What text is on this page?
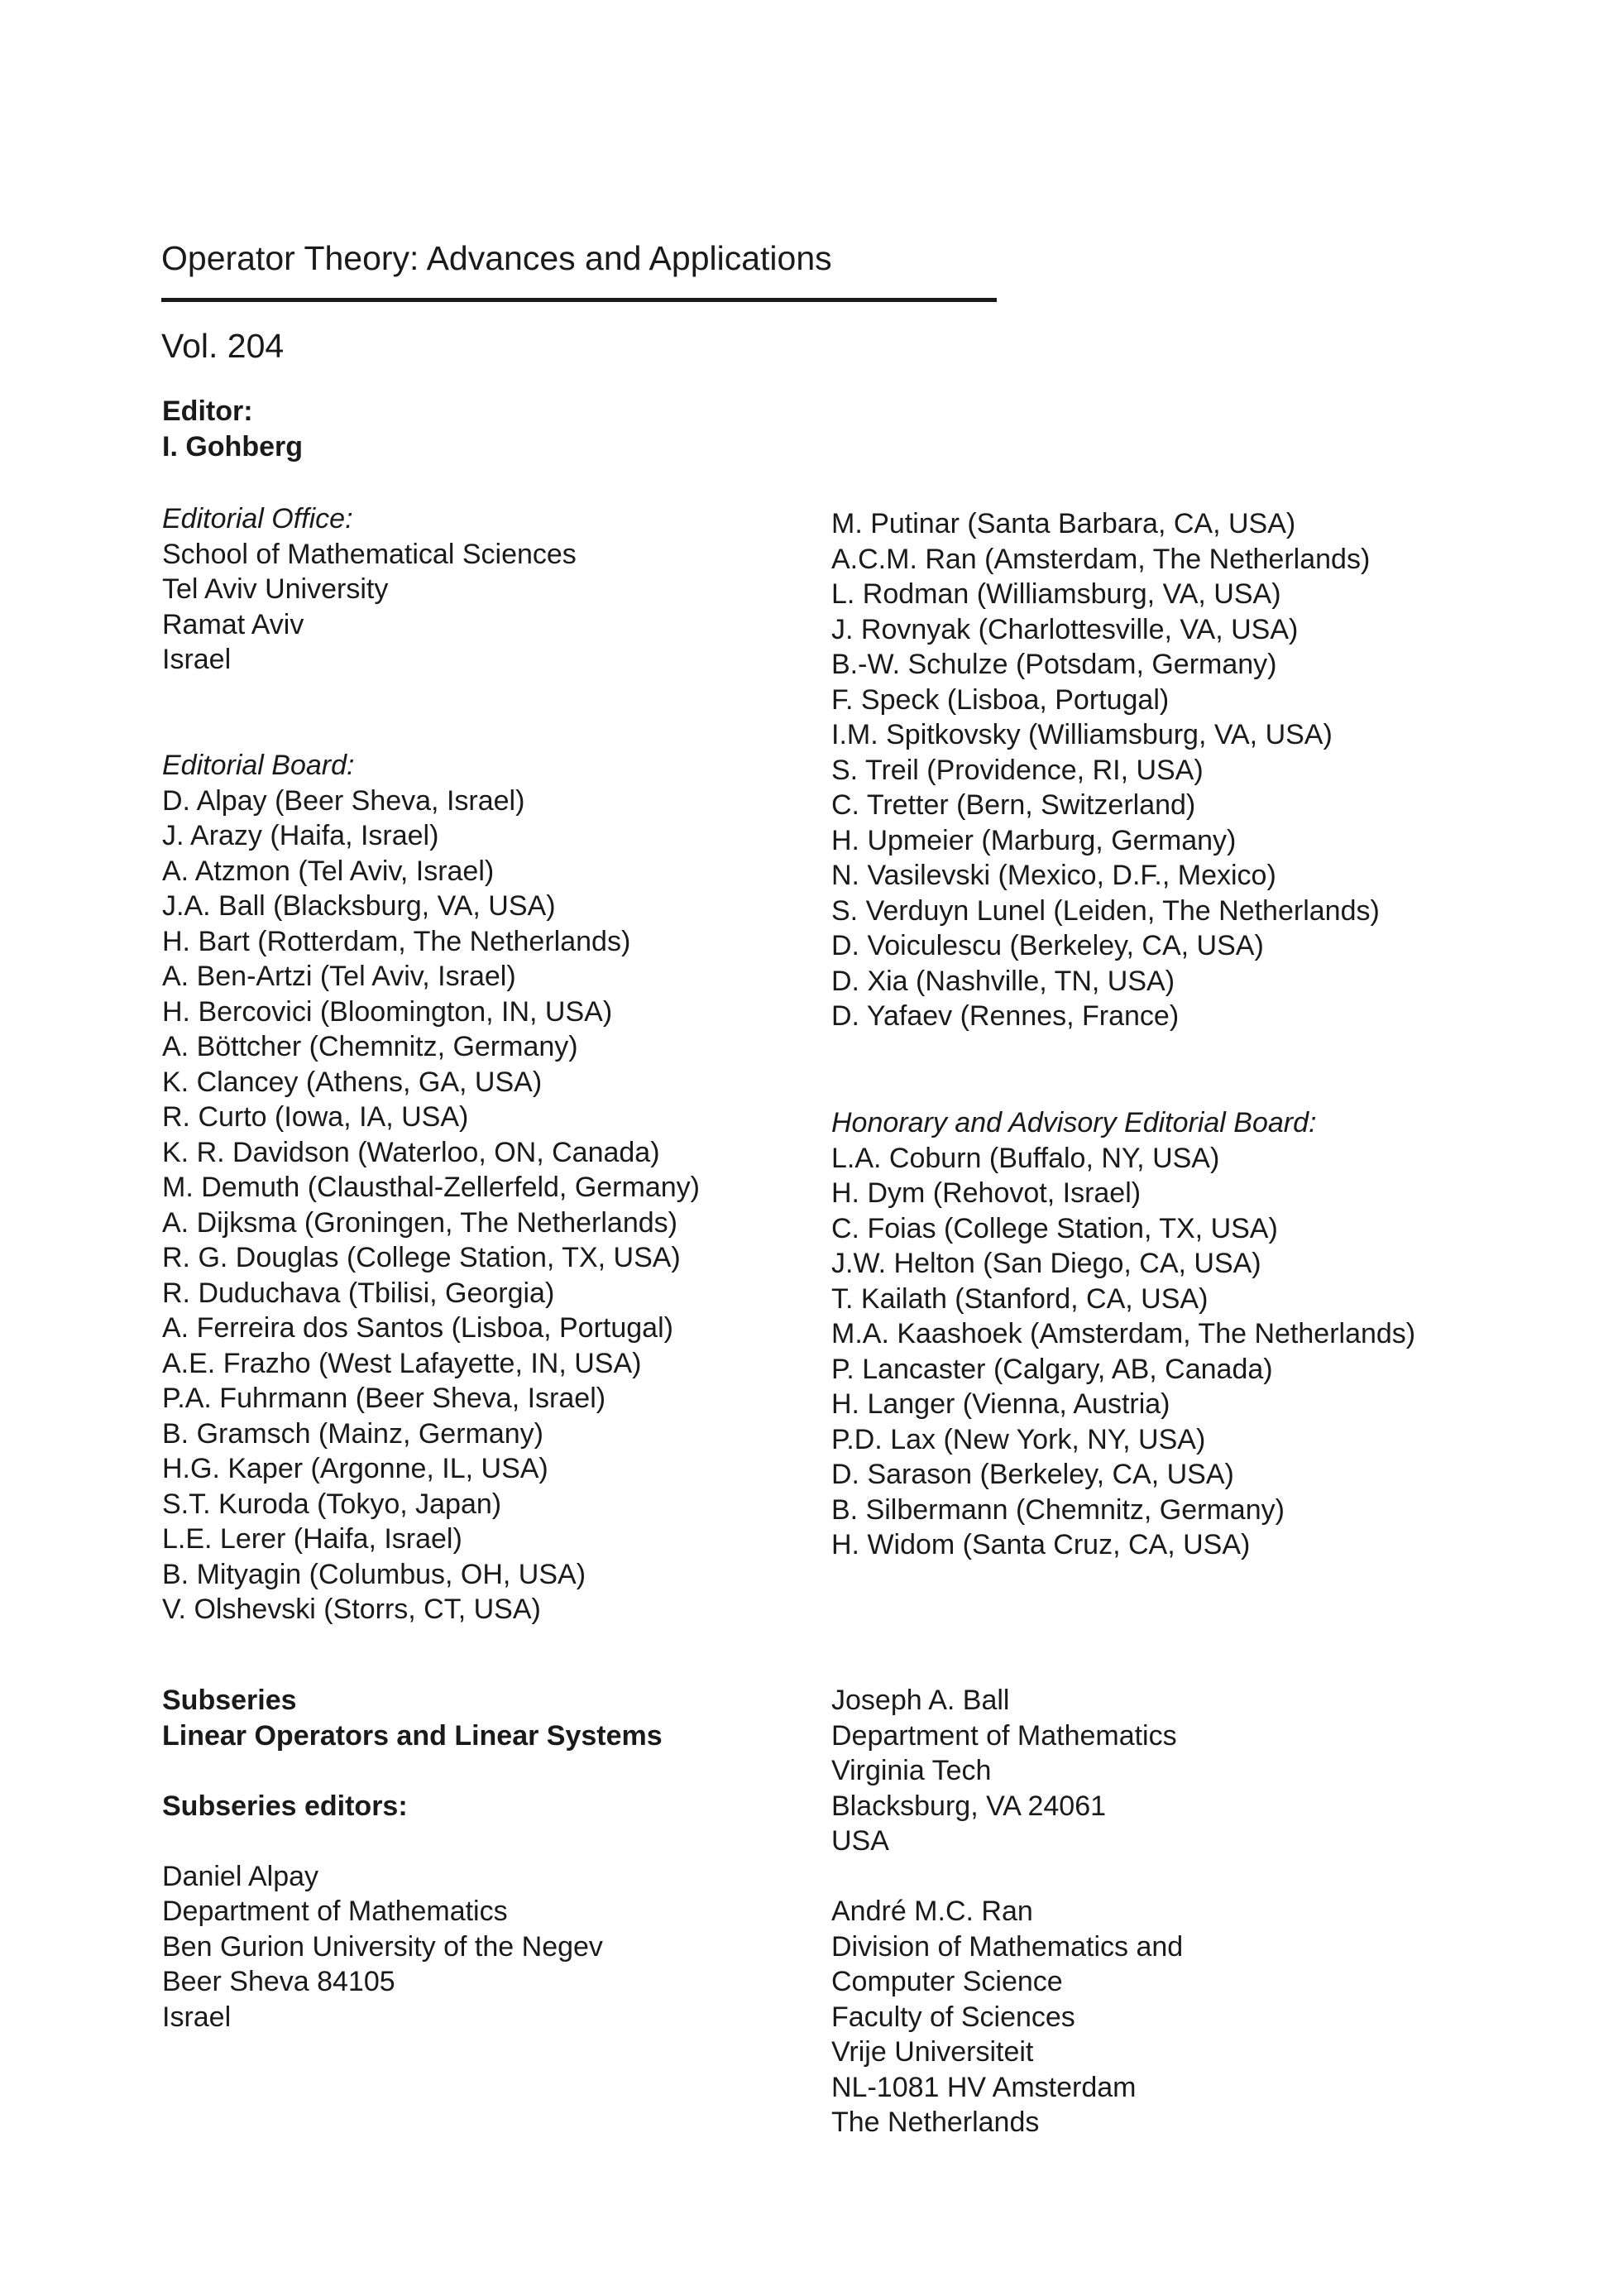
Operator Theory: Advances and Applications
Vol. 204
Editor:
I. Gohberg
Editorial Office:
School of Mathematical Sciences
Tel Aviv University
Ramat Aviv
Israel
Editorial Board:
D. Alpay (Beer Sheva, Israel)
J. Arazy (Haifa, Israel)
A. Atzmon (Tel Aviv, Israel)
J.A. Ball (Blacksburg, VA, USA)
H. Bart (Rotterdam, The Netherlands)
A. Ben-Artzi (Tel Aviv, Israel)
H. Bercovici (Bloomington, IN, USA)
A. Böttcher (Chemnitz, Germany)
K. Clancey (Athens, GA, USA)
R. Curto (Iowa, IA, USA)
K. R. Davidson (Waterloo, ON, Canada)
M. Demuth (Clausthal-Zellerfeld, Germany)
A. Dijksma (Groningen, The Netherlands)
R. G. Douglas (College Station, TX, USA)
R. Duduchava (Tbilisi, Georgia)
A. Ferreira dos Santos (Lisboa, Portugal)
A.E. Frazho (West Lafayette, IN, USA)
P.A. Fuhrmann (Beer Sheva, Israel)
B. Gramsch (Mainz, Germany)
H.G. Kaper (Argonne, IL, USA)
S.T. Kuroda (Tokyo, Japan)
L.E. Lerer (Haifa, Israel)
B. Mityagin (Columbus, OH, USA)
V. Olshevski (Storrs, CT, USA)
M. Putinar (Santa Barbara, CA, USA)
A.C.M. Ran (Amsterdam, The Netherlands)
L. Rodman (Williamsburg, VA, USA)
J. Rovnyak (Charlottesville, VA, USA)
B.-W. Schulze (Potsdam, Germany)
F. Speck (Lisboa, Portugal)
I.M. Spitkovsky (Williamsburg, VA, USA)
S. Treil (Providence, RI, USA)
C. Tretter (Bern, Switzerland)
H. Upmeier (Marburg, Germany)
N. Vasilevski (Mexico, D.F., Mexico)
S. Verduyn Lunel (Leiden, The Netherlands)
D. Voiculescu (Berkeley, CA, USA)
D. Xia (Nashville, TN, USA)
D. Yafaev (Rennes, France)
Honorary and Advisory Editorial Board:
L.A. Coburn (Buffalo, NY, USA)
H. Dym (Rehovot, Israel)
C. Foias (College Station, TX, USA)
J.W. Helton (San Diego, CA, USA)
T. Kailath (Stanford, CA, USA)
M.A. Kaashoek (Amsterdam, The Netherlands)
P. Lancaster (Calgary, AB, Canada)
H. Langer (Vienna, Austria)
P.D. Lax (New York, NY, USA)
D. Sarason (Berkeley, CA, USA)
B. Silbermann (Chemnitz, Germany)
H. Widom (Santa Cruz, CA, USA)
Subseries
Linear Operators and Linear Systems
Subseries editors:
Daniel Alpay
Department of Mathematics
Ben Gurion University of the Negev
Beer Sheva 84105
Israel
Joseph A. Ball
Department of Mathematics
Virginia Tech
Blacksburg, VA 24061
USA
André M.C. Ran
Division of Mathematics and
Computer Science
Faculty of Sciences
Vrije Universiteit
NL-1081 HV Amsterdam
The Netherlands
